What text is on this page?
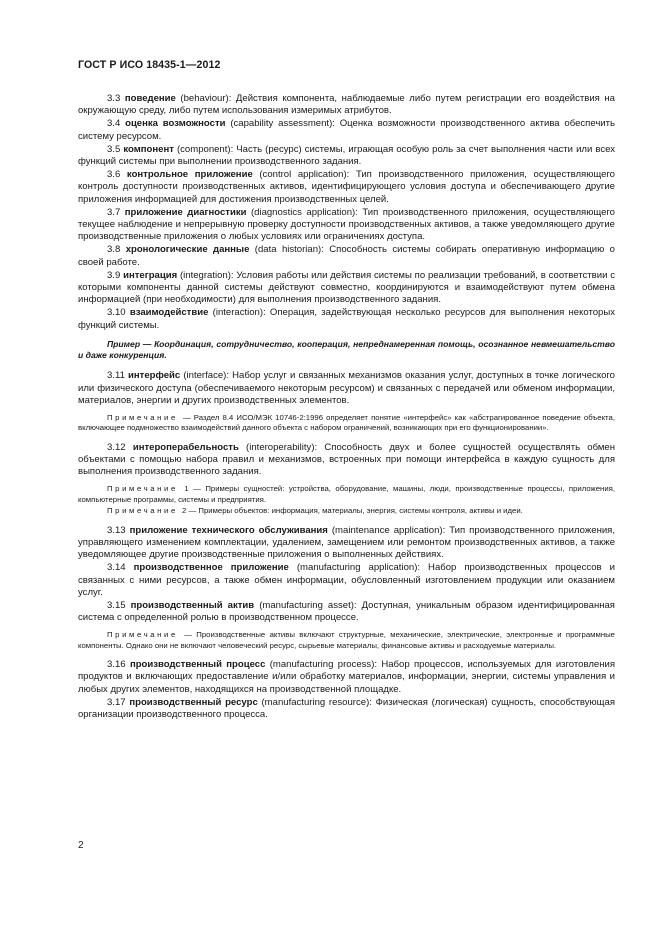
ГОСТ Р ИСО 18435-1—2012

3.3 поведение (behaviour): Действия компонента, наблюдаемые либо путем регистрации его воздействия на окружающую среду, либо путем использования измеримых атрибутов.

3.4 оценка возможности (capability assessment): Оценка возможности производственного актива обеспечить систему ресурсом.

3.5 компонент (component): Часть (ресурс) системы, играющая особую роль за счет выполнения части или всех функций системы при выполнении производственного задания.

3.6 контрольное приложение (control application): Тип производственного приложения, осуществляющего контроль доступности производственных активов, идентифицирующего условия доступа и обеспечивающего другие приложения информацией для достижения производственных целей.

3.7 приложение диагностики (diagnostics application): Тип производственного приложения, осуществляющего текущее наблюдение и непрерывную проверку доступности производственных активов, а также уведомляющего другие производственные приложения о любых условиях или ограничениях доступа.

3.8 хронологические данные (data historian): Способность системы собирать оперативную информацию о своей работе.

3.9 интеграция (integration): Условия работы или действия системы по реализации требований, в соответствии с которыми компоненты данной системы действуют совместно, координируются и взаимодействуют путем обмена информацией (при необходимости) для выполнения производственного задания.

3.10 взаимодействие (interaction): Операция, задействующая несколько ресурсов для выполнения некоторых функций системы.

Пример — Координация, сотрудничество, кооперация, непреднамеренная помощь, осознанное невмешательство и даже конкуренция.

3.11 интерфейс (interface): Набор услуг и связанных механизмов оказания услуг, доступных в точке логического или физического доступа (обеспечиваемого некоторым ресурсом) и связанных с передачей или обменом информации, материалов, энергии и других производственных элементов.

Примечание — Раздел 8.4 ИСО/МЭК 10746-2:1996 определяет понятие «интерфейс» как «абстрагированное поведение объекта, включающее подмножество взаимодействий данного объекта с набором ограничений, возникающих при его функционировании».

3.12 интероперабельность (interoperability): Способность двух и более сущностей осуществлять обмен объектами с помощью набора правил и механизмов, встроенных при помощи интерфейса в каждую сущность для выполнения производственного задания.

Примечание 1 — Примеры сущностей: устройства, оборудование, машины, люди, производственные процессы, приложения, компьютерные программы, системы и предприятия.

Примечание 2 — Примеры объектов: информация, материалы, энергия, системы контроля, активы и идеи.

3.13 приложение технического обслуживания (maintenance application): Тип производственного приложения, управляющего изменением комплектации, удалением, замещением или ремонтом производственных активов, а также уведомляющее другие производственные приложения о выполненных действиях.

3.14 производственное приложение (manufacturing application): Набор производственных процессов и связанных с ними ресурсов, а также обмен информации, обусловленный изготовлением продукции или оказанием услуг.

3.15 производственный актив (manufacturing asset): Доступная, уникальным образом идентифицированная система с определенной ролью в производственном процессе.

Примечание — Производственные активы включают структурные, механические, электрические, электронные и программные компоненты. Однако они не включают человеческий ресурс, сырьевые материалы, финансовые активы и расходуемые материалы.

3.16 производственный процесс (manufacturing process): Набор процессов, используемых для изготовления продуктов и включающих предоставление и/или обработку материалов, информации, энергии, системы управления и любых других элементов, находящихся на производственной площадке.

3.17 производственный ресурс (manufacturing resource): Физическая (логическая) сущность, способствующая организации производственного процесса.

2
